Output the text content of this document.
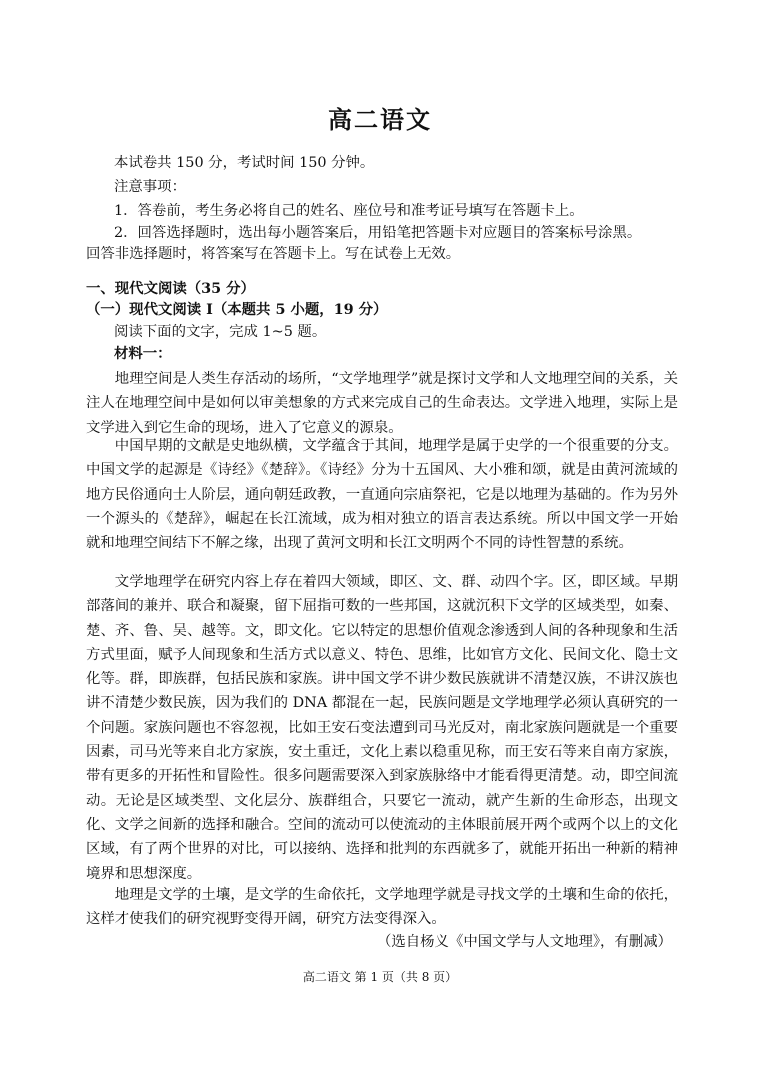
高二语文
本试卷共 150 分，考试时间 150 分钟。
注意事项：
1．答卷前，考生务必将自己的姓名、座位号和准考证号填写在答题卡上。
2．回答选择题时，选出每小题答案后，用铅笔把答题卡对应题目的答案标号涂黑。
回答非选择题时，将答案写在答题卡上。写在试卷上无效。
一、现代文阅读（35 分）
（一）现代文阅读 I（本题共 5 小题，19 分）
阅读下面的文字，完成 1~5 题。
材料一：
地理空间是人类生存活动的场所，“文学地理学”就是探讨文学和人文地理空间的关系，关注人在地理空间中是如何以审美想象的方式来完成自己的生命表达。文学进入地理，实际上是文学进入到它生命的现场，进入了它意义的源泉。
中国早期的文献是史地纵横，文学蕴含于其间，地理学是属于史学的一个很重要的分支。中国文学的起源是《诗经》《楚辞》。《诗经》分为十五国风、大小雅和颂，就是由黄河流域的地方民俗通向士人阶层，通向朝廷政教，一直通向宗庙祭祀，它是以地理为基础的。作为另外一个源头的《楚辞》，崛起在长江流域，成为相对独立的语言表达系统。所以中国文学一开始就和地理空间结下不解之缘，出现了黄河文明和长江文明两个不同的诗性智慧的系统。
文学地理学在研究内容上存在着四大领域，即区、文、群、动四个字。区，即区域。早期部落间的兼并、联合和凝聚，留下屈指可数的一些邦国，这就沉积下文学的区域类型，如秦、楚、齐、鲁、吴、越等。文，即文化。它以特定的思想价值观念渗透到人间的各种现象和生活方式里面，赋予人间现象和生活方式以意义、特色、思维，比如官方文化、民间文化、隐士文化等。群，即族群，包括民族和家族。讲中国文学不讲少数民族就讲不清楚汉族，不讲汉族也讲不清楚少数民族，因为我们的 DNA 都混在一起，民族问题是文学地理学必须认真研究的一个问题。家族问题也不容忽视，比如王安石变法遭到司马光反对，南北家族问题就是一个重要因素，司马光等来自北方家族，安土重迁，文化上素以稳重见称，而王安石等来自南方家族，带有更多的开拓性和冒险性。很多问题需要深入到家族脉络中才能看得更清楚。动，即空间流动。无论是区域类型、文化层分、族群组合，只要它一流动，就产生新的生命形态，出现文化、文学之间新的选择和融合。空间的流动可以使流动的主体眼前展开两个或两个以上的文化区域，有了两个世界的对比，可以接纳、选择和批判的东西就多了，就能开拓出一种新的精神境界和思想深度。
地理是文学的土壤，是文学的生命依托，文学地理学就是寻找文学的土壤和生命的依托，这样才使我们的研究视野变得开阔，研究方法变得深入。
（选自杨义《中国文学与人文地理》，有删减）
高二语文 第 1 页（共 8 页）
